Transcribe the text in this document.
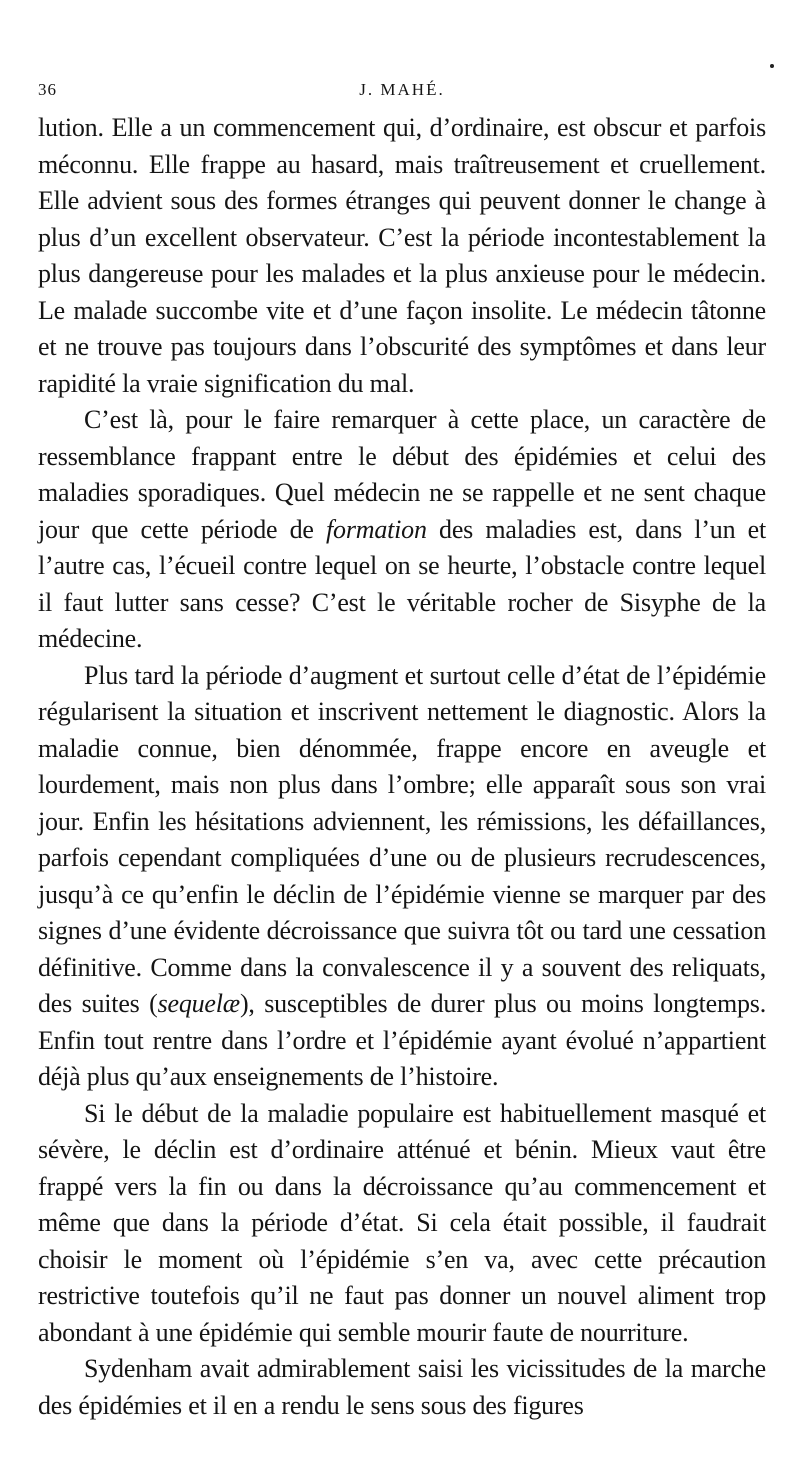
36	J. MAHÉ.

lution. Elle a un commencement qui, d’ordinaire, est obscur et parfois méconnu. Elle frappe au hasard, mais traîtreusement et cruellement. Elle advient sous des formes étranges qui peuvent donner le change à plus d’un excellent observateur. C’est la période incontestablement la plus dangereuse pour les malades et la plus anxieuse pour le médecin. Le malade succombe vite et d’une façon insolite. Le médecin tâtonne et ne trouve pas toujours dans l’obscurité des symptômes et dans leur rapidité la vraie signification du mal.

C’est là, pour le faire remarquer à cette place, un caractère de ressemblance frappant entre le début des épidémies et celui des maladies sporadiques. Quel médecin ne se rappelle et ne sent chaque jour que cette période de formation des maladies est, dans l’un et l’autre cas, l’écueil contre lequel on se heurte, l’obstacle contre lequel il faut lutter sans cesse? C’est le véritable rocher de Sisyphe de la médecine.

Plus tard la période d’augment et surtout celle d’état de l’épidémie régularisent la situation et inscrivent nettement le diagnostic. Alors la maladie connue, bien dénommée, frappe encore en aveugle et lourdement, mais non plus dans l’ombre; elle apparaît sous son vrai jour. Enfin les hésitations adviennent, les rémissions, les défaillances, parfois cependant compliquées d’une ou de plusieurs recrudescences, jusqu’à ce qu’enfin le déclin de l’épidémie vienne se marquer par des signes d’une évidente décroissance que suivra tôt ou tard une cessation définitive. Comme dans la convalescence il y a souvent des reliquats, des suites (sequelæ), susceptibles de durer plus ou moins longtemps. Enfin tout rentre dans l’ordre et l’épidémie ayant évolué n’appartient déjà plus qu’aux enseignements de l’histoire.

Si le début de la maladie populaire est habituellement masqué et sévère, le déclin est d’ordinaire atténué et bénin. Mieux vaut être frappé vers la fin ou dans la décroissance qu’au commencement et même que dans la période d’état. Si cela était possible, il faudrait choisir le moment où l’épidémie s’en va, avec cette précaution restrictive toutefois qu’il ne faut pas donner un nouvel aliment trop abondant à une épidémie qui semble mourir faute de nourriture.

Sydenham avait admirablement saisi les vicissitudes de la marche des épidémies et il en a rendu le sens sous des figures
